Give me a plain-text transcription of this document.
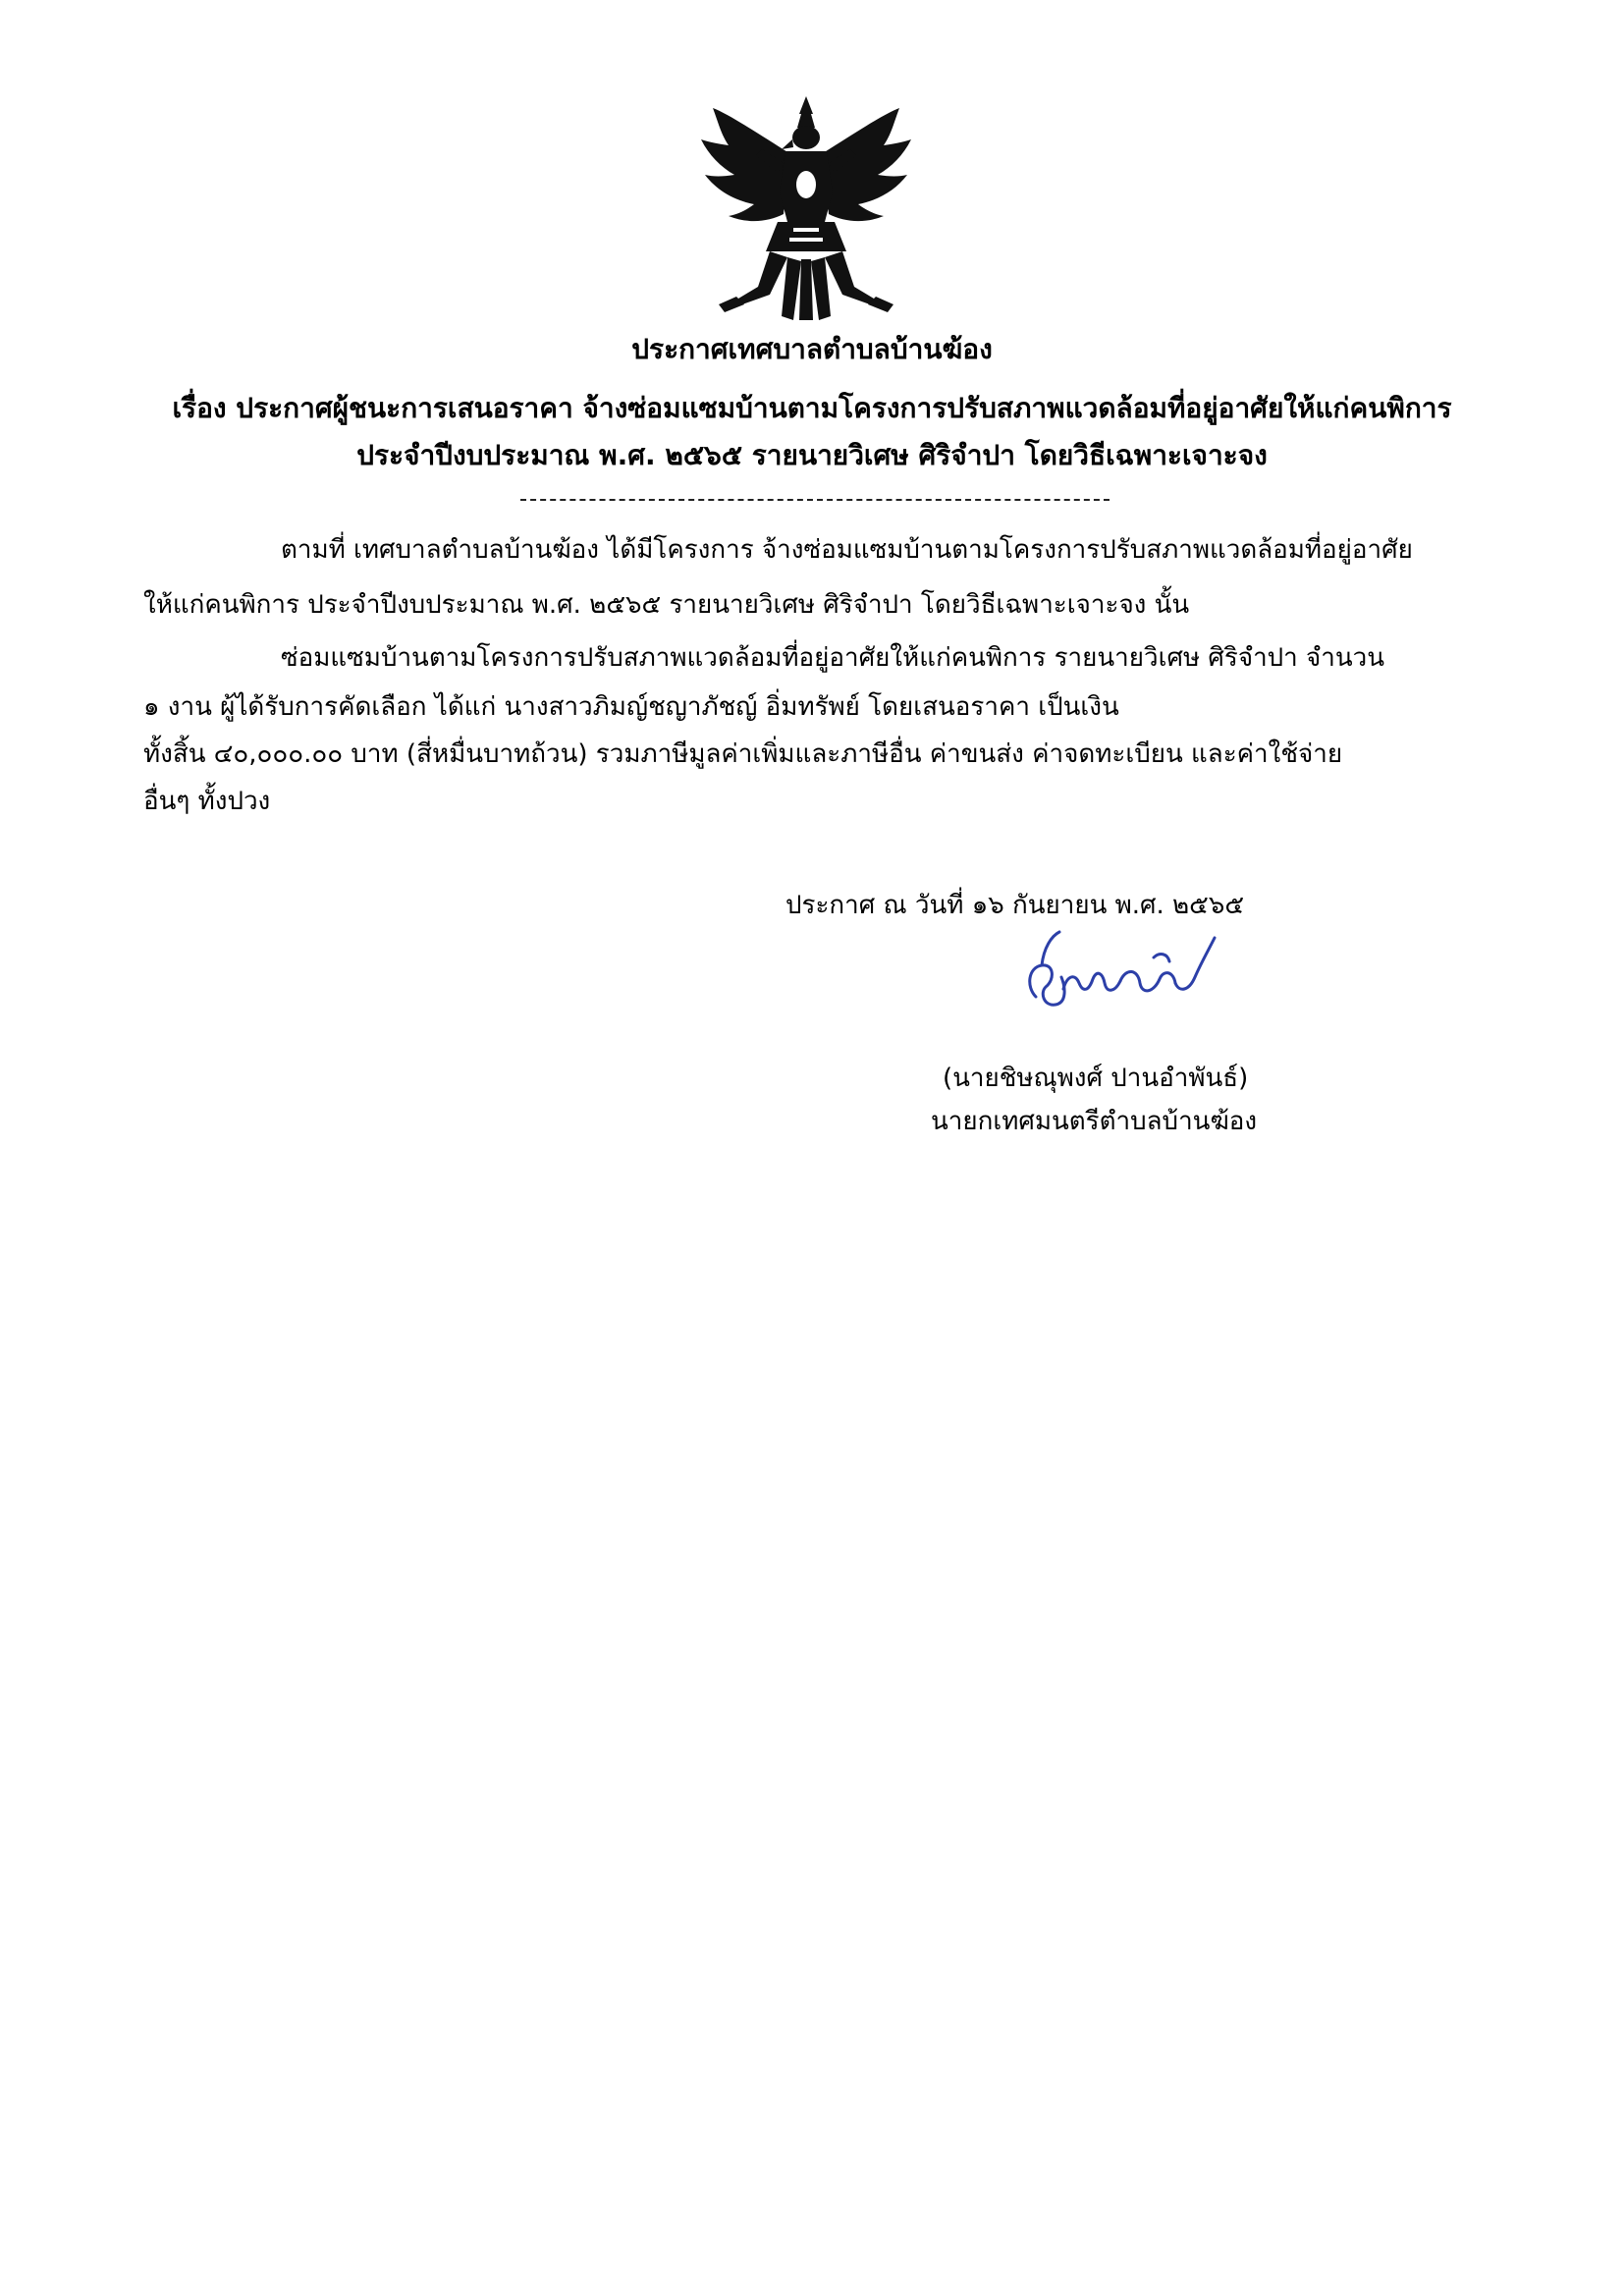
ประกาศเทศบาลตำบลบ้านฆ้อง
เรื่อง ประกาศผู้ชนะการเสนอราคา จ้างซ่อมแซมบ้านตามโครงการปรับสภาพแวดล้อมที่อยู่อาศัยให้แก่คนพิการ
ประจำปีงบประมาณ พ.ศ. ๒๕๖๕ รายนายวิเศษ ศิริจำปา โดยวิธีเฉพาะเจาะจง
ตามที่ เทศบาลตำบลบ้านฆ้อง ได้มีโครงการ จ้างซ่อมแซมบ้านตามโครงการปรับสภาพแวดล้อมที่อยู่อาศัย
ให้แก่คนพิการ ประจำปีงบประมาณ พ.ศ. ๒๕๖๕ รายนายวิเศษ ศิริจำปา โดยวิธีเฉพาะเจาะจง นั้น
ซ่อมแซมบ้านตามโครงการปรับสภาพแวดล้อมที่อยู่อาศัยให้แก่คนพิการ รายนายวิเศษ ศิริจำปา จำนวน
๑ งาน ผู้ได้รับการคัดเลือก ได้แก่ นางสาวภิมญ์ชญาภัชญ์ อิ่มทรัพย์ โดยเสนอราคา เป็นเงิน
ทั้งสิ้น ๔๐,๐๐๐.๐๐ บาท (สี่หมื่นบาทถ้วน) รวมภาษีมูลค่าเพิ่มและภาษีอื่น ค่าขนส่ง ค่าจดทะเบียน และค่าใช้จ่าย
อื่นๆ ทั้งปวง
ประกาศ ณ วันที่ ๑๖ กันยายน พ.ศ. ๒๕๖๕
(นายชิษณุพงศ์ ปานอำพันธ์)
นายกเทศมนตรีตำบลบ้านฆ้อง
